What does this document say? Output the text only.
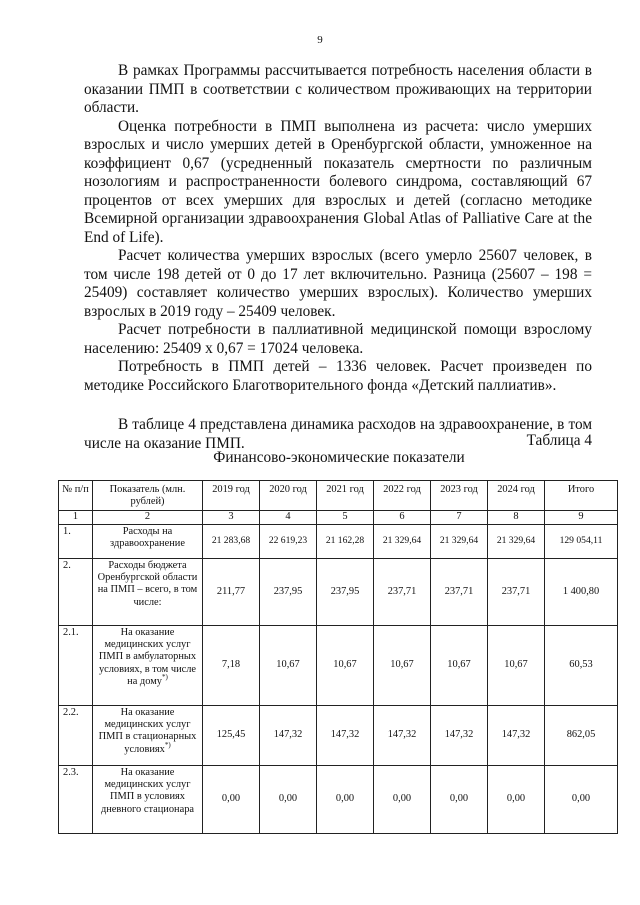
9

В рамках Программы рассчитывается потребность населения области в оказании ПМП в соответствии с количеством проживающих на территории области.

Оценка потребности в ПМП выполнена из расчета: число умерших взрослых и число умерших детей в Оренбургской области, умноженное на коэффициент 0,67 (усредненный показатель смертности по различным нозологиям и распространенности болевого синдрома, составляющий 67 процентов от всех умерших для взрослых и детей (согласно методике Всемирной организации здравоохранения Global Atlas of Palliative Care at the End of Life).

Расчет количества умерших взрослых (всего умерло 25607 человек, в том числе 198 детей от 0 до 17 лет включительно. Разница (25607 – 198 = 25409) составляет количество умерших взрослых). Количество умерших взрослых в 2019 году – 25409 человек.

Расчет потребности в паллиативной медицинской помощи взрослому населению: 25409 х 0,67 = 17024 человека.

Потребность в ПМП детей – 1336 человек. Расчет произведен по методике Российского Благотворительного фонда «Детский паллиатив».

В таблице 4 представлена динамика расходов на здравоохранение, в том числе на оказание ПМП.	Таблица 4
Финансово-экономические показатели
№ п/п	Показатель (млн. рублей)	2019 год	2020 год	2021 год	2022 год	2023 год	2024 год	Итого
1	2	3	4	5	6	7	8	9
1.	Расходы на здравоохранение	21 283,68	22 619,23	21 162,28	21 329,64	21 329,64	21 329,64	129 054,11
2.	Расходы бюджета Оренбургской области на ПМП – всего, в том числе:	211,77	237,95	237,95	237,71	237,71	237,71	1 400,80
2.1.	На оказание медицинских услуг ПМП в амбулаторных условиях, в том числе на дому*)	7,18	10,67	10,67	10,67	10,67	10,67	60,53
2.2.	На оказание медицинских услуг ПМП в стационарных условиях*)	125,45	147,32	147,32	147,32	147,32	147,32	862,05
2.3.	На оказание медицинских услуг ПМП в условиях дневного стационара	0,00	0,00	0,00	0,00	0,00	0,00	0,00
